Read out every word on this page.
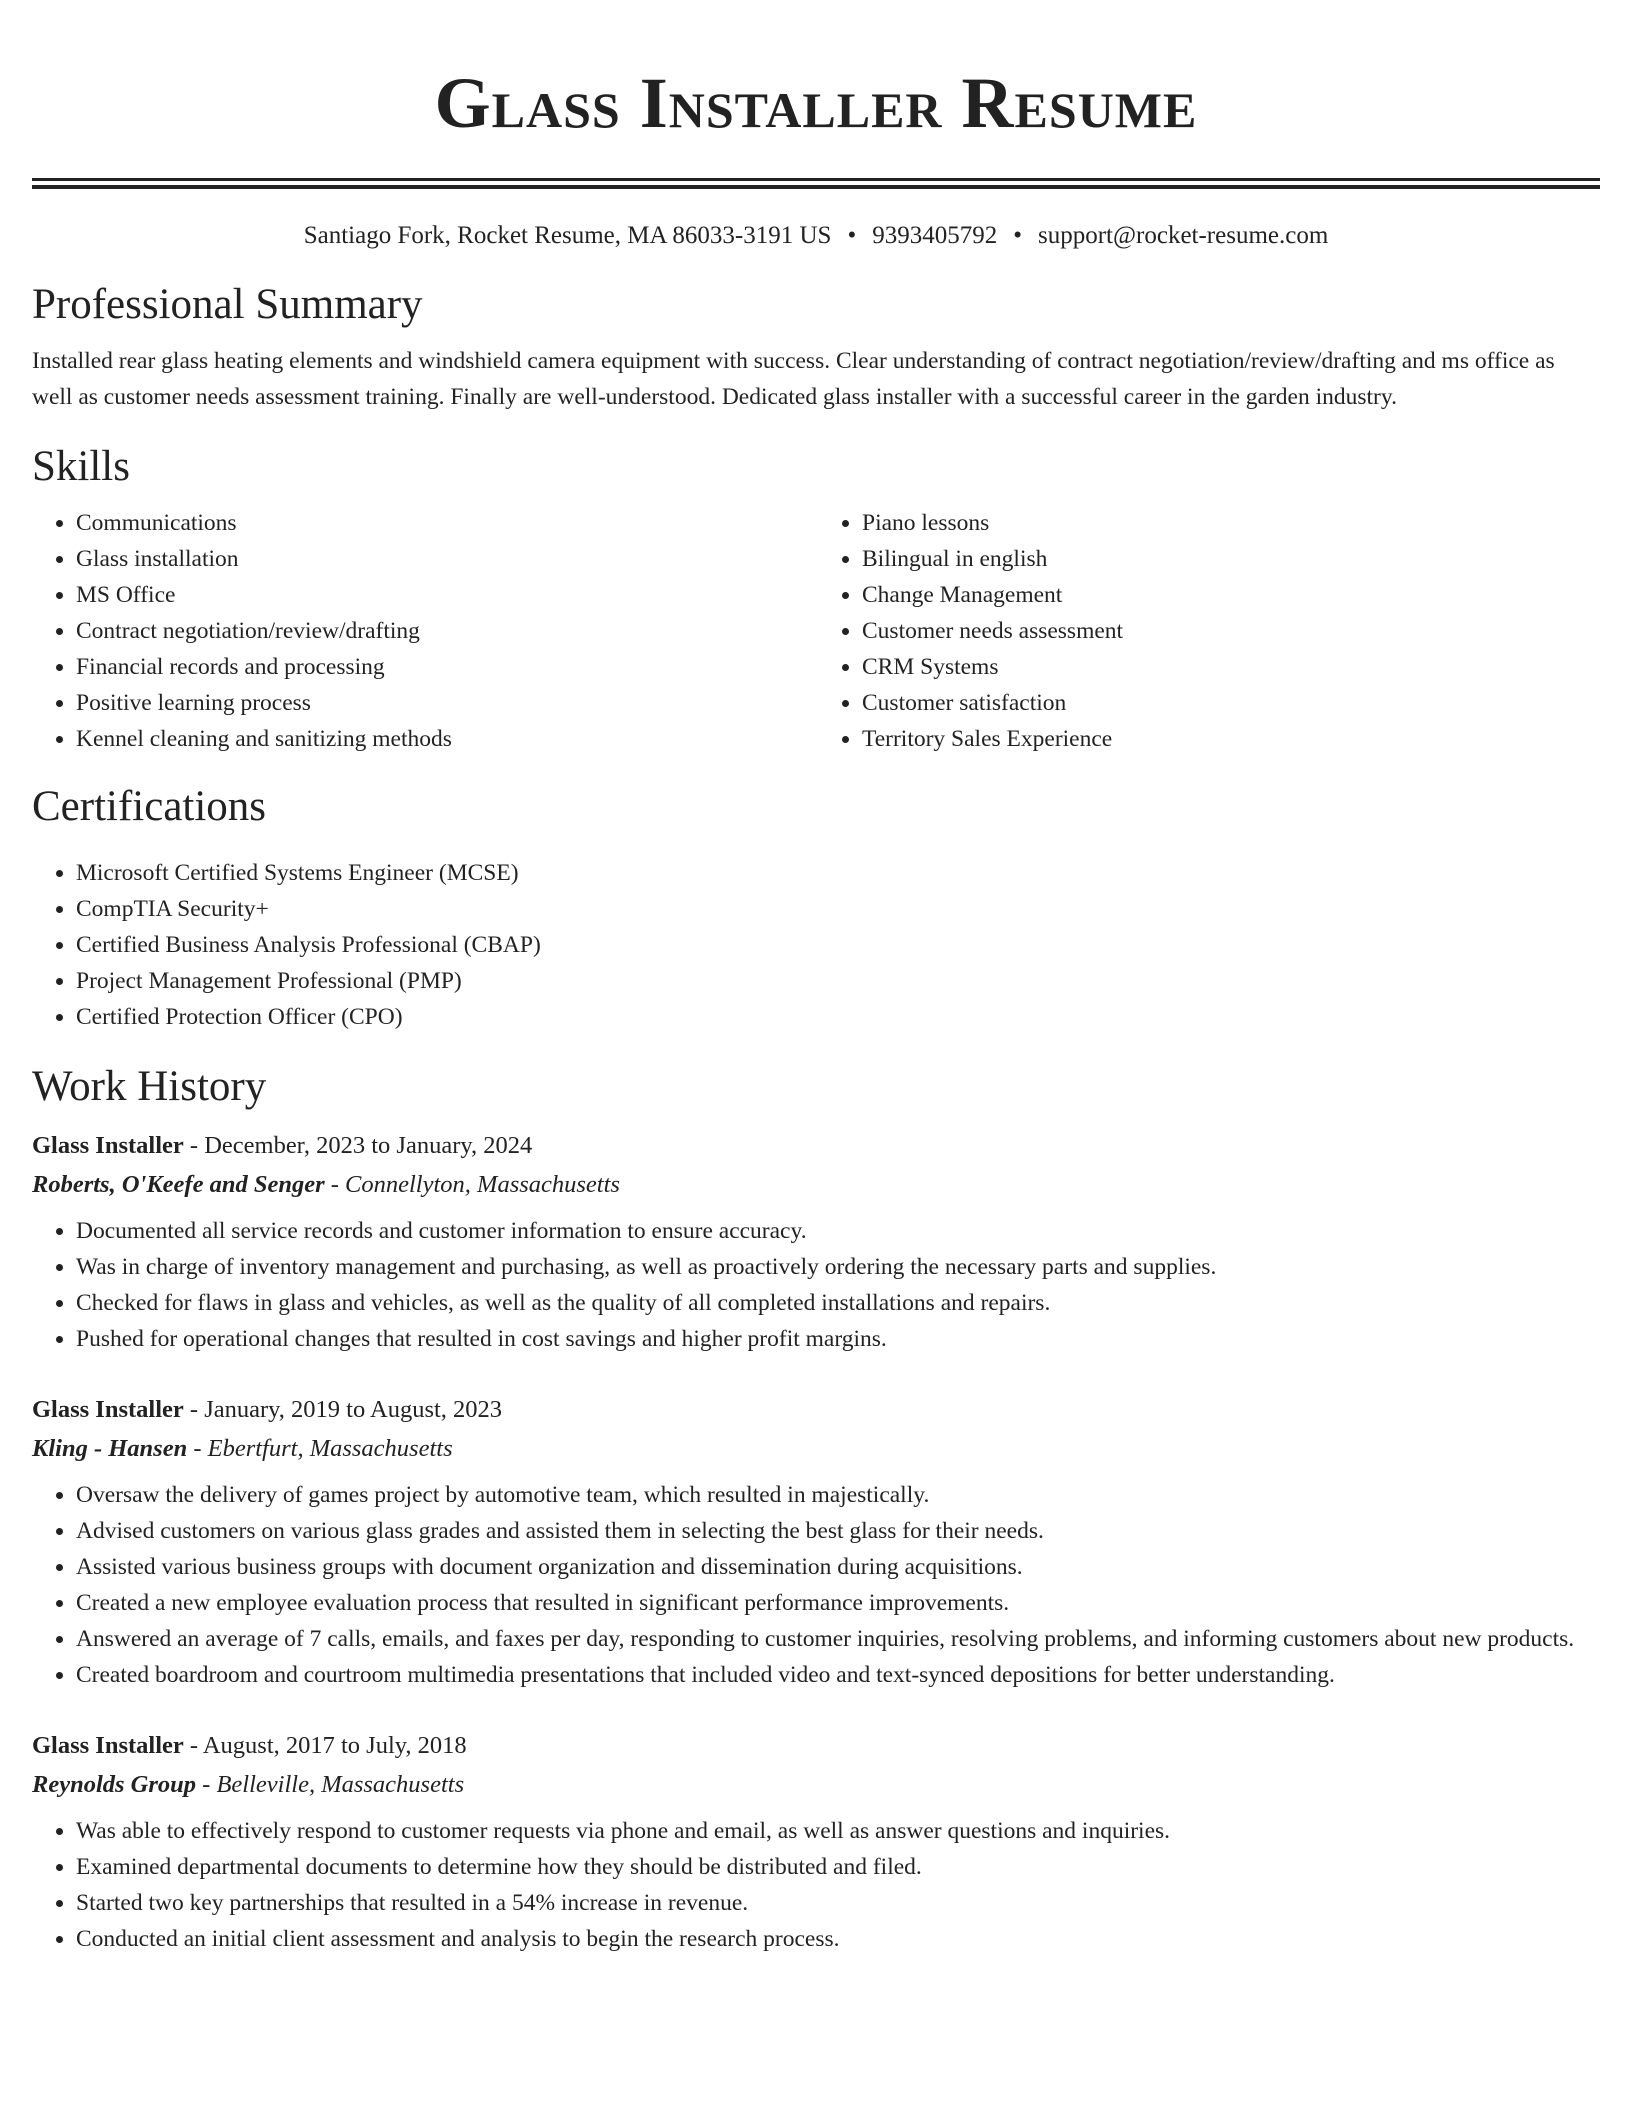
Glass Installer Resume
Santiago Fork, Rocket Resume, MA 86033-3191 US • 9393405792 • support@rocket-resume.com
Professional Summary

Installed rear glass heating elements and windshield camera equipment with success. Clear understanding of contract negotiation/review/drafting and ms office as well as customer needs assessment training. Finally are well-understood. Dedicated glass installer with a successful career in the garden industry.

Skills
• Communications
• Glass installation
• MS Office
• Contract negotiation/review/drafting
• Financial records and processing
• Positive learning process
• Kennel cleaning and sanitizing methods
• Piano lessons
• Bilingual in english
• Change Management
• Customer needs assessment
• CRM Systems
• Customer satisfaction
• Territory Sales Experience
Certifications
• Microsoft Certified Systems Engineer (MCSE)
• CompTIA Security+
• Certified Business Analysis Professional (CBAP)
• Project Management Professional (PMP)
• Certified Protection Officer (CPO)
Work History
Glass Installer - December, 2023 to January, 2024
Roberts, O'Keefe and Senger - Connellyton, Massachusetts
• Documented all service records and customer information to ensure accuracy.
• Was in charge of inventory management and purchasing, as well as proactively ordering the necessary parts and supplies.
• Checked for flaws in glass and vehicles, as well as the quality of all completed installations and repairs.
• Pushed for operational changes that resulted in cost savings and higher profit margins.
Glass Installer - January, 2019 to August, 2023
Kling - Hansen - Ebertfurt, Massachusetts
• Oversaw the delivery of games project by automotive team, which resulted in majestically.
• Advised customers on various glass grades and assisted them in selecting the best glass for their needs.
• Assisted various business groups with document organization and dissemination during acquisitions.
• Created a new employee evaluation process that resulted in significant performance improvements.
• Answered an average of 7 calls, emails, and faxes per day, responding to customer inquiries, resolving problems, and informing customers about new products.
• Created boardroom and courtroom multimedia presentations that included video and text-synced depositions for better understanding.
Glass Installer - August, 2017 to July, 2018
Reynolds Group - Belleville, Massachusetts
• Was able to effectively respond to customer requests via phone and email, as well as answer questions and inquiries.
• Examined departmental documents to determine how they should be distributed and filed.
• Started two key partnerships that resulted in a 54% increase in revenue.
• Conducted an initial client assessment and analysis to begin the research process.
